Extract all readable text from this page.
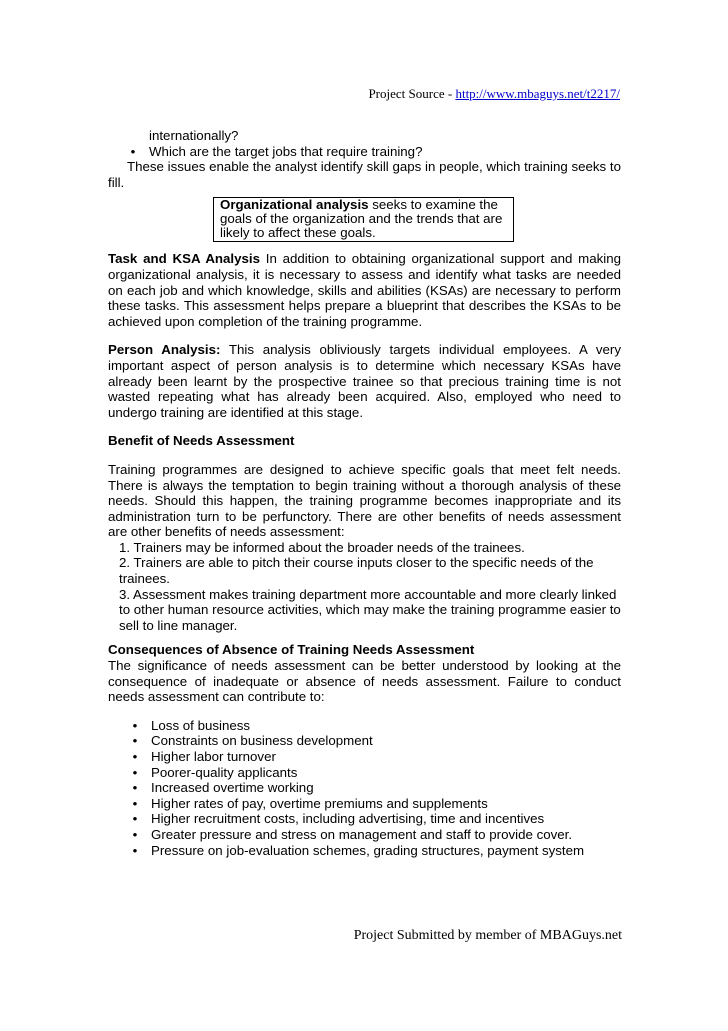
Project Source - http://www.mbaguys.net/t2217/

internationally?

•	Which are the target jobs that require training?

These issues enable the analyst identify skill gaps in people, which training seeks to fill.

Organizational analysis seeks to examine the goals of the organization and the trends that are likely to affect these goals.

Task and KSA Analysis In addition to obtaining organizational support and making organizational analysis, it is necessary to assess and identify what tasks are needed on each job and which knowledge, skills and abilities (KSAs) are necessary to perform these tasks. This assessment helps prepare a blueprint that describes the KSAs to be achieved upon completion of the training programme.

Person Analysis: This analysis obliviously targets individual employees. A very important aspect of person analysis is to determine which necessary KSAs have already been learnt by the prospective trainee so that precious training time is not wasted repeating what has already been acquired. Also, employed who need to undergo training are identified at this stage.

Benefit of Needs Assessment

Training programmes are designed to achieve specific goals that meet felt needs. There is always the temptation to begin training without a thorough analysis of these needs. Should this happen, the training programme becomes inappropriate and its administration turn to be perfunctory. There are other benefits of needs assessment are other benefits of needs assessment:

1. Trainers may be informed about the broader needs of the trainees.

2. Trainers are able to pitch their course inputs closer to the specific needs of the trainees.

3. Assessment makes training department more accountable and more clearly linked to other human resource activities, which may make the training programme easier to sell to line manager.

Consequences of Absence of Training Needs Assessment

The significance of needs assessment can be better understood by looking at the consequence of inadequate or absence of needs assessment. Failure to conduct needs assessment can contribute to:

•	Loss of business
•	Constraints on business development
•	Higher labor turnover
•	Poorer-quality applicants
•	Increased overtime working
•	Higher rates of pay, overtime premiums and supplements
•	Higher recruitment costs, including advertising, time and incentives
•	Greater pressure and stress on management and staff to provide cover.
•	Pressure on job-evaluation schemes, grading structures, payment system
Project Submitted by member of MBAGuys.net
